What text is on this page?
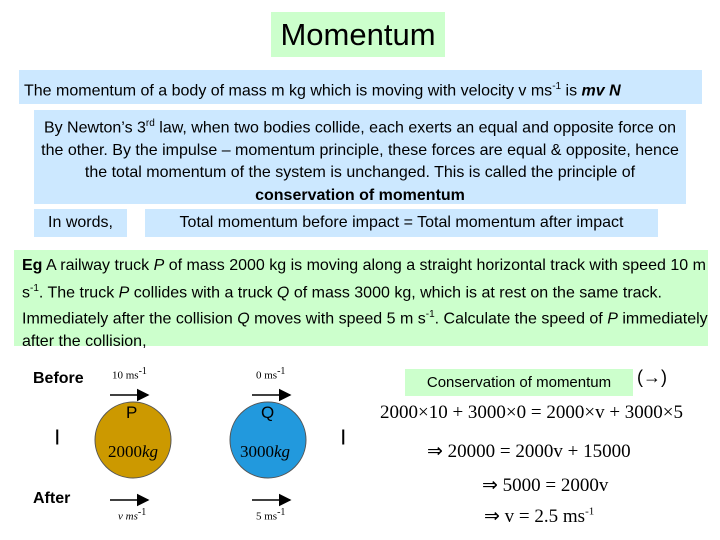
Momentum
The momentum of a body of mass m kg which is moving with velocity v $ms^{-1}$ is mv N
By Newton’s 3rd law, when two bodies collide, each exerts an equal and opposite force on the other. By the impulse – momentum principle, these forces are equal & opposite, hence the total momentum of the system is unchanged. This is called the principle of conservation of momentum
In words,	Total momentum before impact = Total momentum after impact
Eg A railway truck P of mass 2000 kg is moving along a straight horizontal track with speed 10 m $s^{-1}$. The truck P collides with a truck Q of mass 3000 kg, which is at rest on the same track. Immediately after the collision Q moves with speed 5 m $s^{-1}$. Calculate the speed of P immediately after the collision,
Before
After
|	|
10 $ms^{-1}$	0 $ms^{-1}$
v $ms^{-1}$	5 $ms^{-1}$
P	Q
2000kg	3000kg
Conservation of momentum	(→)
2000×10 + 3000×0 = 2000×v + 3000×5
⇒ 20000 = 2000v + 15000
⇒ 5000 = 2000v
⇒ v = 2.5 $ms^{-1}$
